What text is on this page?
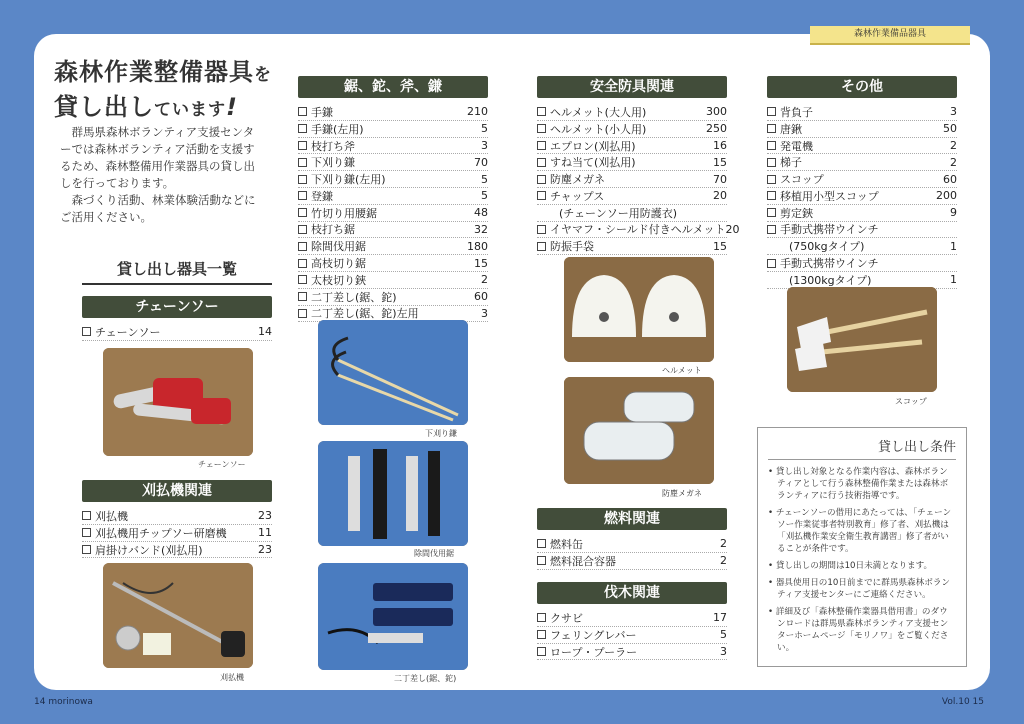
森林作業備品器具
森林作業整備器具を
貸し出しています!

群馬県森林ボランティア支援センターでは森林ボランティア活動を支援するため、森林整備用作業器具の貸し出しを行っております。

森づくり活動、林業体験活動などにご活用ください。

貸し出し器具一覧
チェーンソー
チェーンソー	14
チェーンソー
刈払機関連
刈払機	23
刈払機用チップソー研磨機	11
肩掛けバンド(刈払用)	23
刈払機
鋸、鉈、斧、鎌
手鎌	210
手鎌(左用)	5
枝打ち斧	3
下刈り鎌	70
下刈り鎌(左用)	5
登鎌	5
竹切り用腰鋸	48
枝打ち鋸	32
除間伐用鋸	180
高枝切り鋸	15
太枝切り鋏	2
二丁差し(鋸、鉈)	60
二丁差し(鋸、鉈)左用	3
下刈り鎌
除間伐用鋸
二丁差し(鋸、鉈)
安全防具関連
ヘルメット(大人用)	300
ヘルメット(小人用)	250
エプロン(刈払用)	16
すね当て(刈払用)	15
防塵メガネ	70
チャップス	20
(チェーンソー用防護衣)
イヤマフ・シールド付きヘルメット 20
防振手袋	15
ヘルメット
防塵メガネ
燃料関連
燃料缶	2
燃料混合容器	2
伐木関連
クサビ	17
フェリングレバー	5
ロープ・プーラー	3
その他
背負子	3
唐鍬	50
発電機	2
梯子	2
スコップ	60
移植用小型スコップ	200
剪定鋏	9
手動式携帯ウインチ
(750kgタイプ)	1
手動式携帯ウインチ
(1300kgタイプ)	1
スコップ
貸し出し条件
• 貸し出し対象となる作業内容は、森林ボランティアとして行う森林整備作業または森林ボランティアに行う技術指導です。
• チェーンソーの借用にあたっては、「チェーンソー作業従事者特別教育」修了者、刈払機は「刈払機作業安全衛生教育講習」修了者がいることが条件です。
• 貸し出しの期間は10日未満となります。
• 器具使用日の10日前までに群馬県森林ボランティア支援センターにご連絡ください。
• 詳細及び「森林整備作業器具借用書」のダウンロードは群馬県森林ボランティア支援センターホームページ「モリノワ」をご覧ください。
14 morinowa	Vol.10 15
